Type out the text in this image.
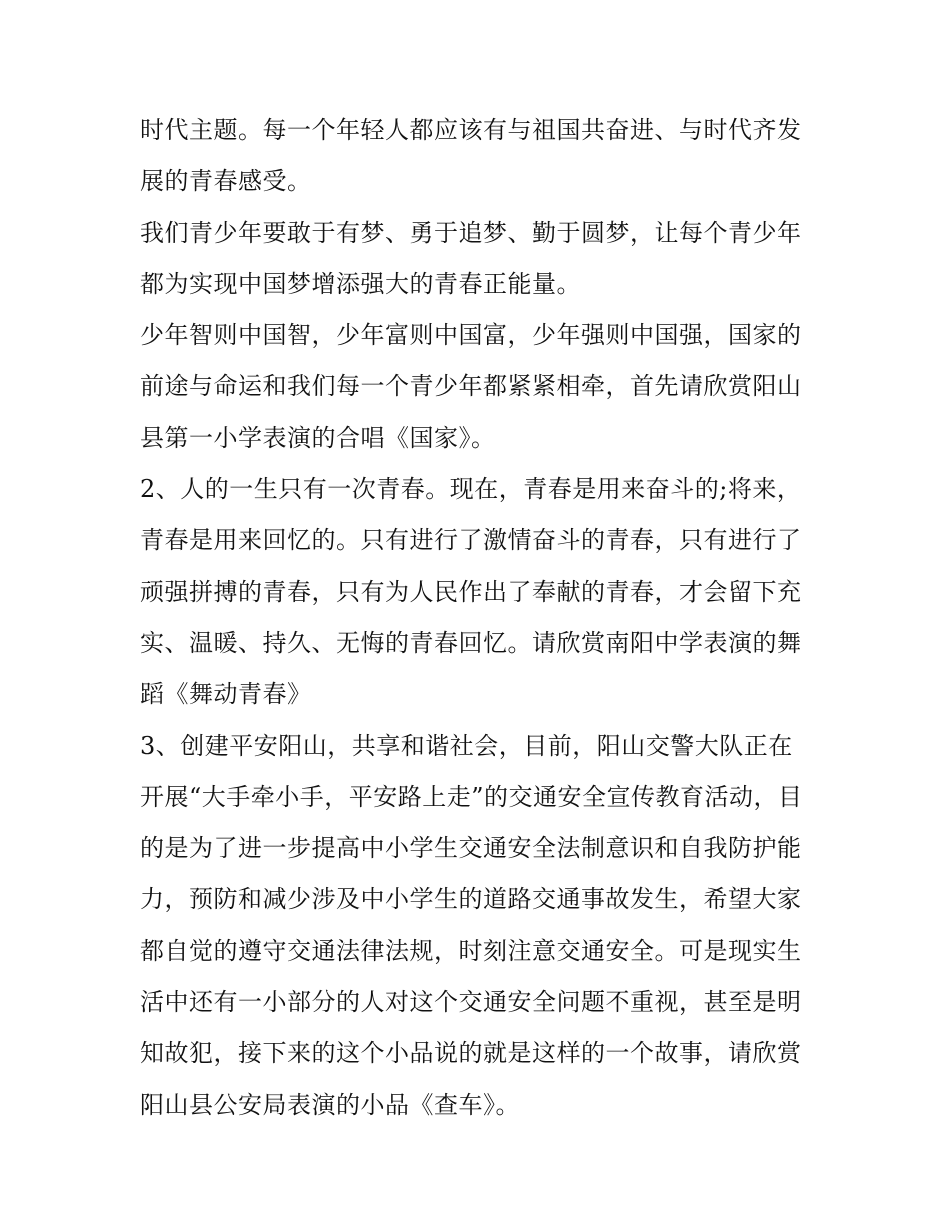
时代主题。每一个年轻人都应该有与祖国共奋进、与时代齐发
展的青春感受。
我们青少年要敢于有梦、勇于追梦、勤于圆梦，让每个青少年
都为实现中国梦增添强大的青春正能量。
少年智则中国智，少年富则中国富，少年强则中国强，国家的
前途与命运和我们每一个青少年都紧紧相牵，首先请欣赏阳山
县第一小学表演的合唱《国家》。
2、人的一生只有一次青春。现在，青春是用来奋斗的;将来，
青春是用来回忆的。只有进行了激情奋斗的青春，只有进行了
顽强拼搏的青春，只有为人民作出了奉献的青春，才会留下充
实、温暖、持久、无悔的青春回忆。请欣赏南阳中学表演的舞
蹈《舞动青春》
3、创建平安阳山，共享和谐社会，目前，阳山交警大队正在
开展“大手牵小手，平安路上走”的交通安全宣传教育活动，目
的是为了进一步提高中小学生交通安全法制意识和自我防护能
力，预防和减少涉及中小学生的道路交通事故发生，希望大家
都自觉的遵守交通法律法规，时刻注意交通安全。可是现实生
活中还有一小部分的人对这个交通安全问题不重视，甚至是明
知故犯，接下来的这个小品说的就是这样的一个故事，请欣赏
阳山县公安局表演的小品《查车》。
